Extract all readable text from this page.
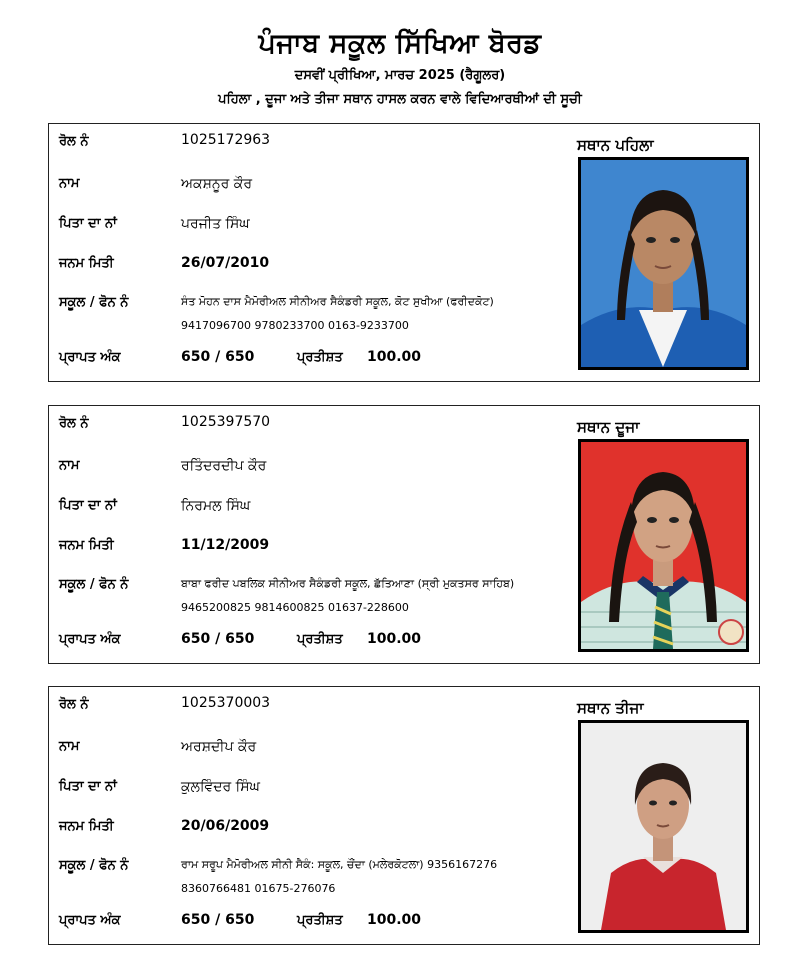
ਪੰਜਾਬ ਸਕੂਲ ਸਿੱਖਿਆ ਬੋਰਡ
ਦਸਵੀਂ ਪ੍ਰੀਖਿਆ, ਮਾਰਚ 2025 (ਰੈਗੂਲਰ)
ਪਹਿਲਾ , ਦੂਜਾ ਅਤੇ ਤੀਜਾ ਸਥਾਨ ਹਾਸਲ ਕਰਨ ਵਾਲੇ ਵਿਦਿਆਰਥੀਆਂ ਦੀ ਸੂਚੀ
ਰੋਲ ਨੰ	1025172963
ਨਾਮ	ਅਕਸ਼ਨੂਰ ਕੌਰ
ਪਿਤਾ ਦਾ ਨਾਂ	ਪਰਜੀਤ ਸਿੰਘ
ਜਨਮ ਮਿਤੀ	26/07/2010
ਸਕੂਲ / ਫੋਨ ਨੰ	ਸੰਤ ਮੋਹਨ ਦਾਸ ਮੈਮੋਰੀਅਲ ਸੀਨੀਅਰ ਸੈਕੰਡਰੀ ਸਕੂਲ, ਕੋਟ ਸੁਖੀਆ (ਫਰੀਦਕੋਟ)
9417096700 9780233700 0163-9233700
ਪ੍ਰਾਪਤ ਅੰਕ	650 / 650	ਪ੍ਰਤੀਸ਼ਤ 100.00
ਸਥਾਨ ਪਹਿਲਾ
ਰੋਲ ਨੰ	1025397570
ਨਾਮ	ਰਤਿੰਦਰਦੀਪ ਕੌਰ
ਪਿਤਾ ਦਾ ਨਾਂ	ਨਿਰਮਲ ਸਿੰਘ
ਜਨਮ ਮਿਤੀ	11/12/2009
ਸਕੂਲ / ਫੋਨ ਨੰ	ਬਾਬਾ ਫਰੀਦ ਪਬਲਿਕ ਸੀਨੀਅਰ ਸੈਕੰਡਰੀ ਸਕੂਲ, ਛੱਤਿਆਣਾ (ਸ੍ਰੀ ਮੁਕਤਸਰ ਸਾਹਿਬ)
9465200825 9814600825 01637-228600
ਪ੍ਰਾਪਤ ਅੰਕ	650 / 650	ਪ੍ਰਤੀਸ਼ਤ 100.00
ਸਥਾਨ ਦੂਜਾ
ਰੋਲ ਨੰ	1025370003
ਨਾਮ	ਅਰਸ਼ਦੀਪ ਕੌਰ
ਪਿਤਾ ਦਾ ਨਾਂ	ਕੁਲਵਿੰਦਰ ਸਿੰਘ
ਜਨਮ ਮਿਤੀ	20/06/2009
ਸਕੂਲ / ਫੋਨ ਨੰ	ਰਾਮ ਸਰੂਪ ਮੈਮੋਰੀਅਲ ਸੀਨੀ ਸੈਕੰ: ਸਕੂਲ, ਚੌਂਦਾ (ਮਲੇਰਕੋਟਲਾ) 9356167276
8360766481 01675-276076
ਪ੍ਰਾਪਤ ਅੰਕ	650 / 650	ਪ੍ਰਤੀਸ਼ਤ 100.00
ਸਥਾਨ ਤੀਜਾ
